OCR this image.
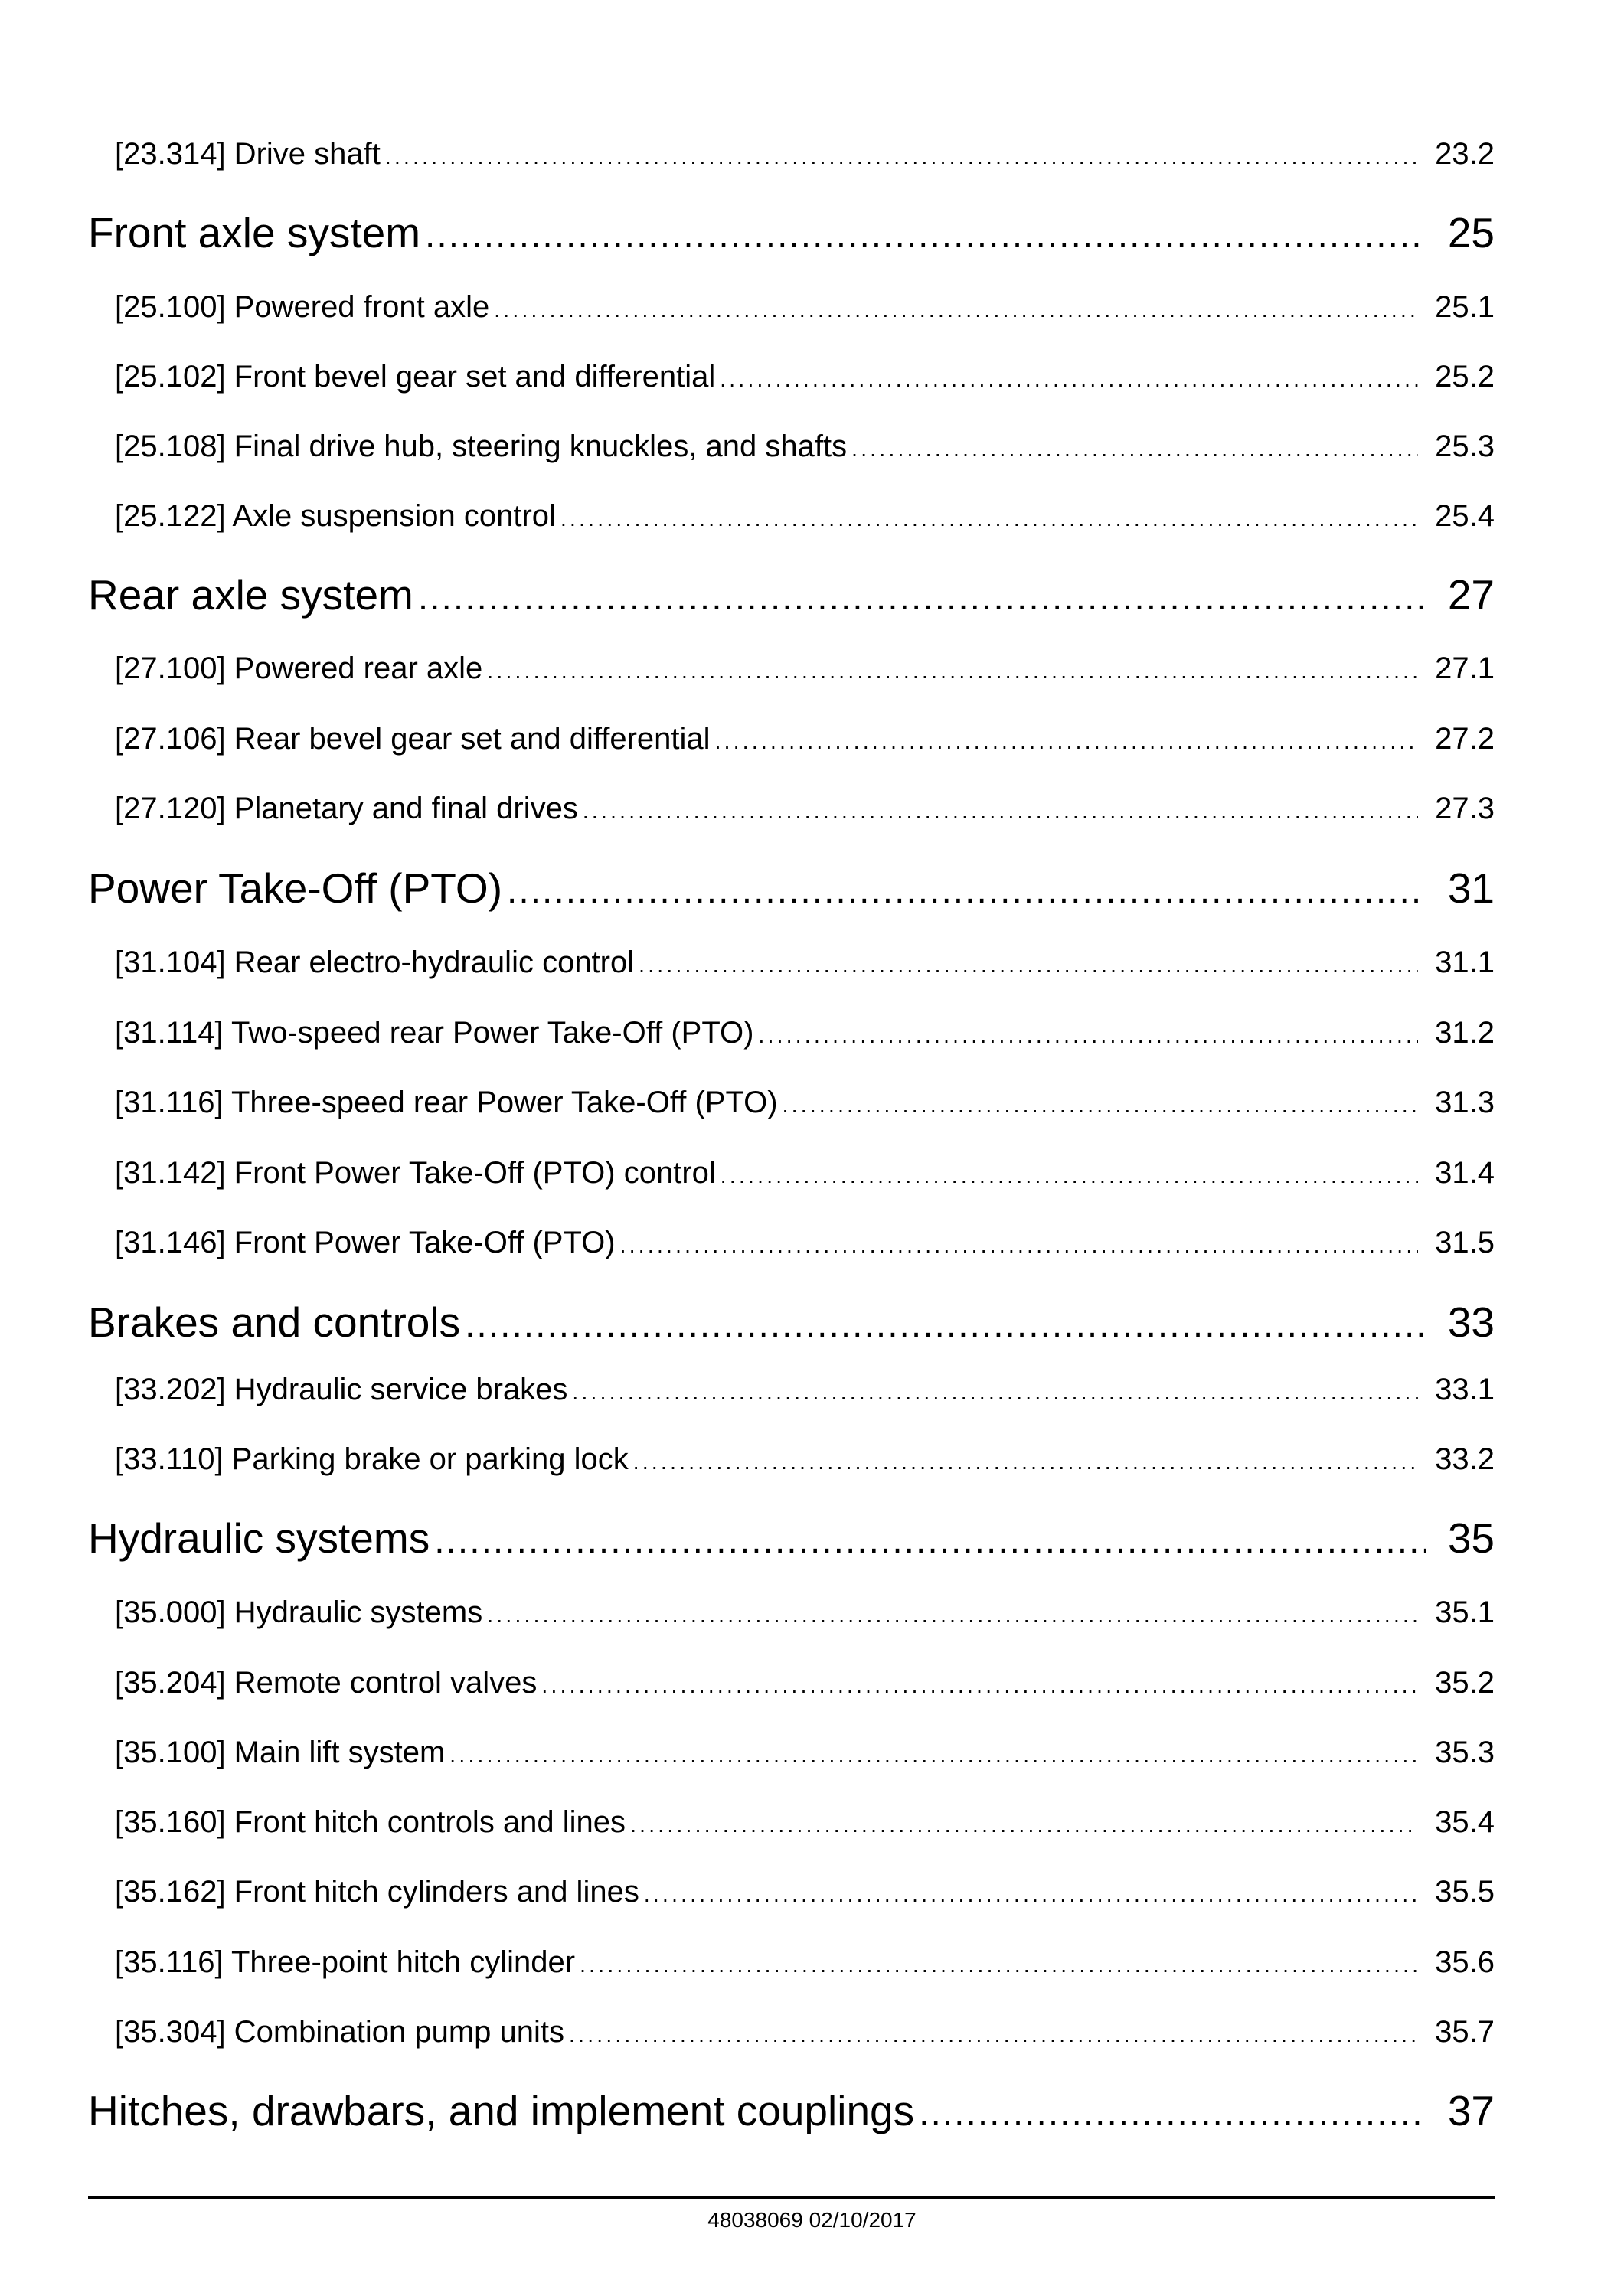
[23.314] Drive shaft .....	23.2
Front axle system .....	25
[25.100] Powered front axle .....	25.1
[25.102] Front bevel gear set and differential .....	25.2
[25.108] Final drive hub, steering knuckles, and shafts .....	25.3
[25.122] Axle suspension control .....	25.4
Rear axle system .....	27
[27.100] Powered rear axle .....	27.1
[27.106] Rear bevel gear set and differential .....	27.2
[27.120] Planetary and final drives .....	27.3
Power Take-Off (PTO) .....	31
[31.104] Rear electro-hydraulic control .....	31.1
[31.114] Two-speed rear Power Take-Off (PTO) .....	31.2
[31.116] Three-speed rear Power Take-Off (PTO) .....	31.3
[31.142] Front Power Take-Off (PTO) control .....	31.4
[31.146] Front Power Take-Off (PTO) .....	31.5
Brakes and controls .....	33
[33.202] Hydraulic service brakes .....	33.1
[33.110] Parking brake or parking lock .....	33.2
Hydraulic systems .....	35
[35.000] Hydraulic systems .....	35.1
[35.204] Remote control valves .....	35.2
[35.100] Main lift system .....	35.3
[35.160] Front hitch controls and lines .....	35.4
[35.162] Front hitch cylinders and lines .....	35.5
[35.116] Three-point hitch cylinder .....	35.6
[35.304] Combination pump units .....	35.7
Hitches, drawbars, and implement couplings .....	37
48038069 02/10/2017
